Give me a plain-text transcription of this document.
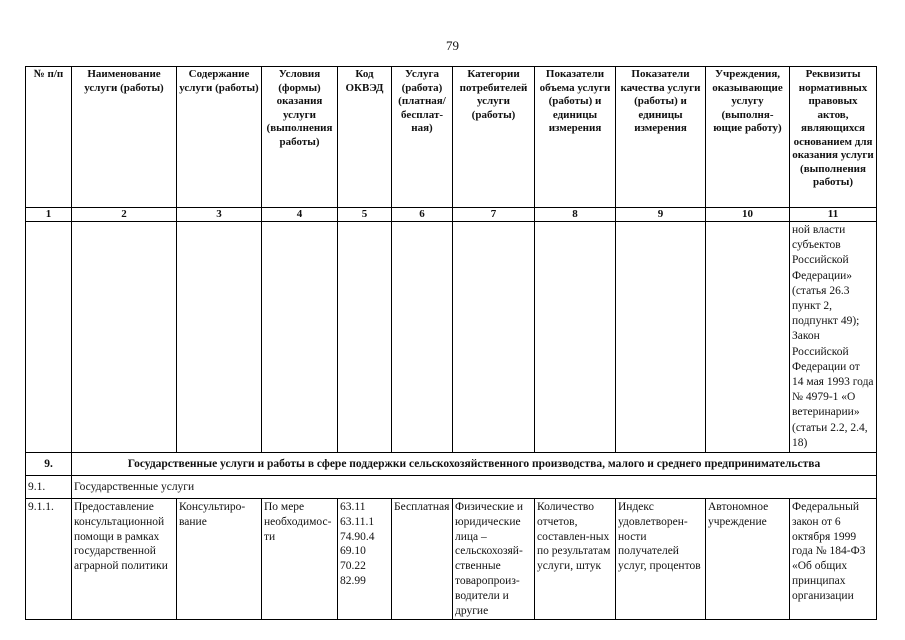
79
№ п/п	Наименование услуги (работы)	Содержание услуги (работы)	Условия (формы) оказания услуги (выполнения работы)	Код ОКВЭД	Услуга (работа) (платная/ бесплат-ная)	Категории потребителей услуги (работы)	Показатели объема услуги (работы) и единицы измерения	Показатели качества услуги (работы) и единицы измерения	Учреждения, оказывающие услугу (выполня-ющие работу)	Реквизиты нормативных правовых актов, являющихся основанием для оказания услуги (выполнения работы)
1	2	3	4	5	6	7	8	9	10	11
										ной власти субъектов Российской Федерации» (статья 26.3 пункт 2, подпункт 49); Закон Российской Федерации от 14 мая 1993 года № 4979-1 «О ветеринарии» (статьи 2.2, 2.4, 18)
9.	Государственные услуги и работы в сфере поддержки сельскохозяйственного производства, малого и среднего предпринимательства									
9.1.	Государственные услуги									
9.1.1.	Предоставление консультационной помощи в рамках государственной аграрной политики	Консультиро-вание	По мере необходимос-ти	63.11 63.11.1 74.90.4 69.10 70.22 82.99	Бесплатная	Физические и юридические лица – сельскохозяй-ственные товаропроиз-водители и другие	Количество отчетов, составлен-ных по результатам услуги, штук	Индекс удовлетворен-ности получателей услуг, процентов	Автономное учреждение	Федеральный закон от 6 октября 1999 года № 184-ФЗ «Об общих принципах организации
